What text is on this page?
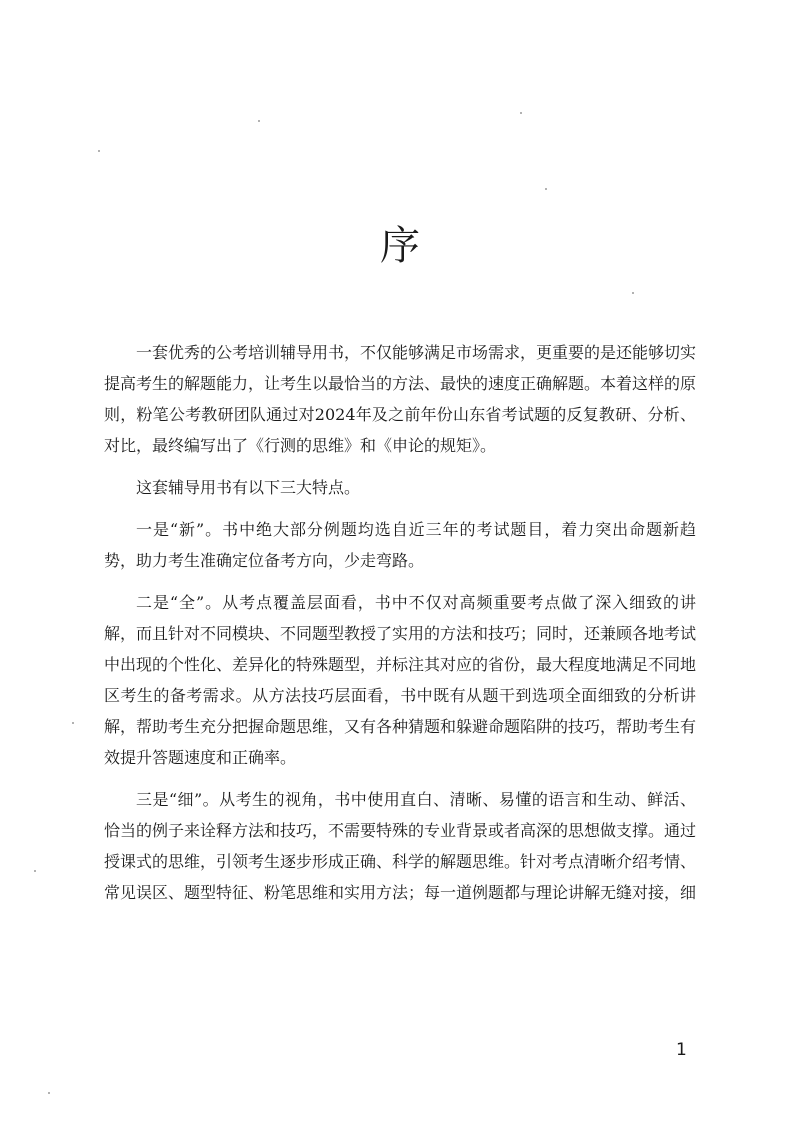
序

一套优秀的公考培训辅导用书，不仅能够满足市场需求，更重要的是还能够切实提高考生的解题能力，让考生以最恰当的方法、最快的速度正确解题。本着这样的原则，粉笔公考教研团队通过对2024年及之前年份山东省考试题的反复教研、分析、对比，最终编写出了《行测的思维》和《申论的规矩》。

这套辅导用书有以下三大特点。

一是“新”。书中绝大部分例题均选自近三年的考试题目，着力突出命题新趋势，助力考生准确定位备考方向，少走弯路。

二是“全”。从考点覆盖层面看，书中不仅对高频重要考点做了深入细致的讲解，而且针对不同模块、不同题型教授了实用的方法和技巧；同时，还兼顾各地考试中出现的个性化、差异化的特殊题型，并标注其对应的省份，最大程度地满足不同地区考生的备考需求。从方法技巧层面看，书中既有从题干到选项全面细致的分析讲解，帮助考生充分把握命题思维，又有各种猜题和躲避命题陷阱的技巧，帮助考生有效提升答题速度和正确率。

三是“细”。从考生的视角，书中使用直白、清晰、易懂的语言和生动、鲜活、恰当的例子来诠释方法和技巧，不需要特殊的专业背景或者高深的思想做支撑。通过授课式的思维，引领考生逐步形成正确、科学的解题思维。针对考点清晰介绍考情、常见误区、题型特征、粉笔思维和实用方法；每一道例题都与理论讲解无缝对接，细

1
